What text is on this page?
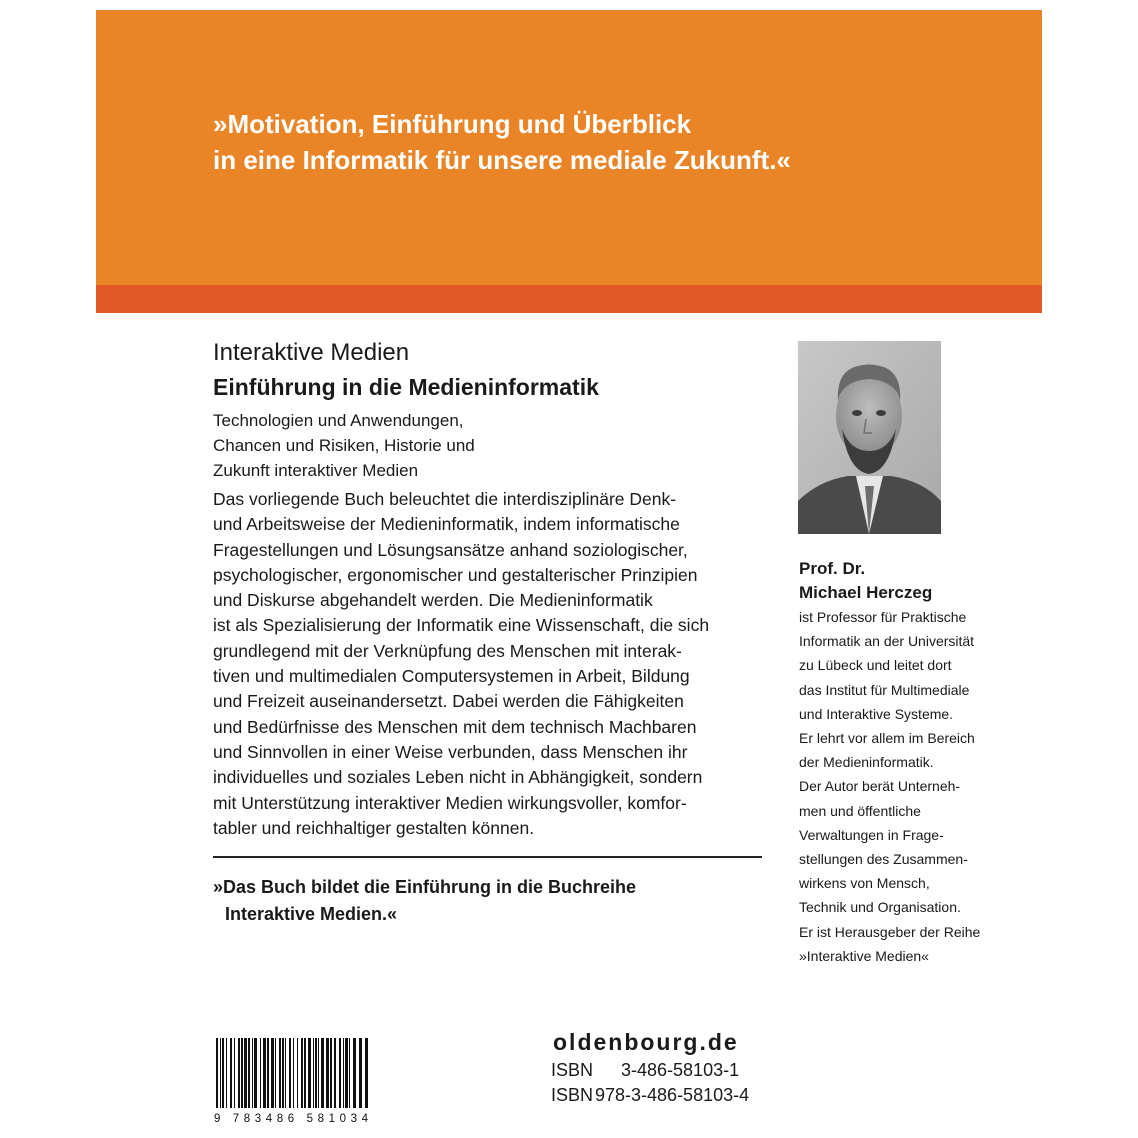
»Motivation, Einführung und Überblick
in eine Informatik für unsere mediale Zukunft.«
Interaktive Medien
Einführung in die Medieninformatik
Technologien und Anwendungen,
Chancen und Risiken, Historie und
Zukunft interaktiver Medien
Das vorliegende Buch beleuchtet die interdisziplinäre Denk-
und Arbeitsweise der Medieninformatik, indem informatische
Fragestellungen und Lösungsansätze anhand soziologischer,
psychologischer, ergonomischer und gestalterischer Prinzipien
und Diskurse abgehandelt werden. Die Medieninformatik
ist als Spezialisierung der Informatik eine Wissenschaft, die sich
grundlegend mit der Verknüpfung des Menschen mit interak-
tiven und multimedialen Computersystemen in Arbeit, Bildung
und Freizeit auseinandersetzt. Dabei werden die Fähigkeiten
und Bedürfnisse des Menschen mit dem technisch Machbaren
und Sinnvollen in einer Weise verbunden, dass Menschen ihr
individuelles und soziales Leben nicht in Abhängigkeit, sondern
mit Unterstützung interaktiver Medien wirkungsvoller, komfor-
tabler und reichhaltiger gestalten können.
»Das Buch bildet die Einführung in die Buchreihe
Interaktive Medien.«
Prof. Dr.
Michael Herczeg
ist Professor für Praktische
Informatik an der Universität
zu Lübeck und leitet dort
das Institut für Multimediale
und Interaktive Systeme.
Er lehrt vor allem im Bereich
der Medieninformatik.
Der Autor berät Unterneh-
men und öffentliche
Verwaltungen in Frage-
stellungen des Zusammen-
wirkens von Mensch,
Technik und Organisation.
Er ist Herausgeber der Reihe
»Interaktive Medien«
9 783486 581034
oldenbourg.de
ISBN 3-486-58103-1
ISBN 978-3-486-58103-4
